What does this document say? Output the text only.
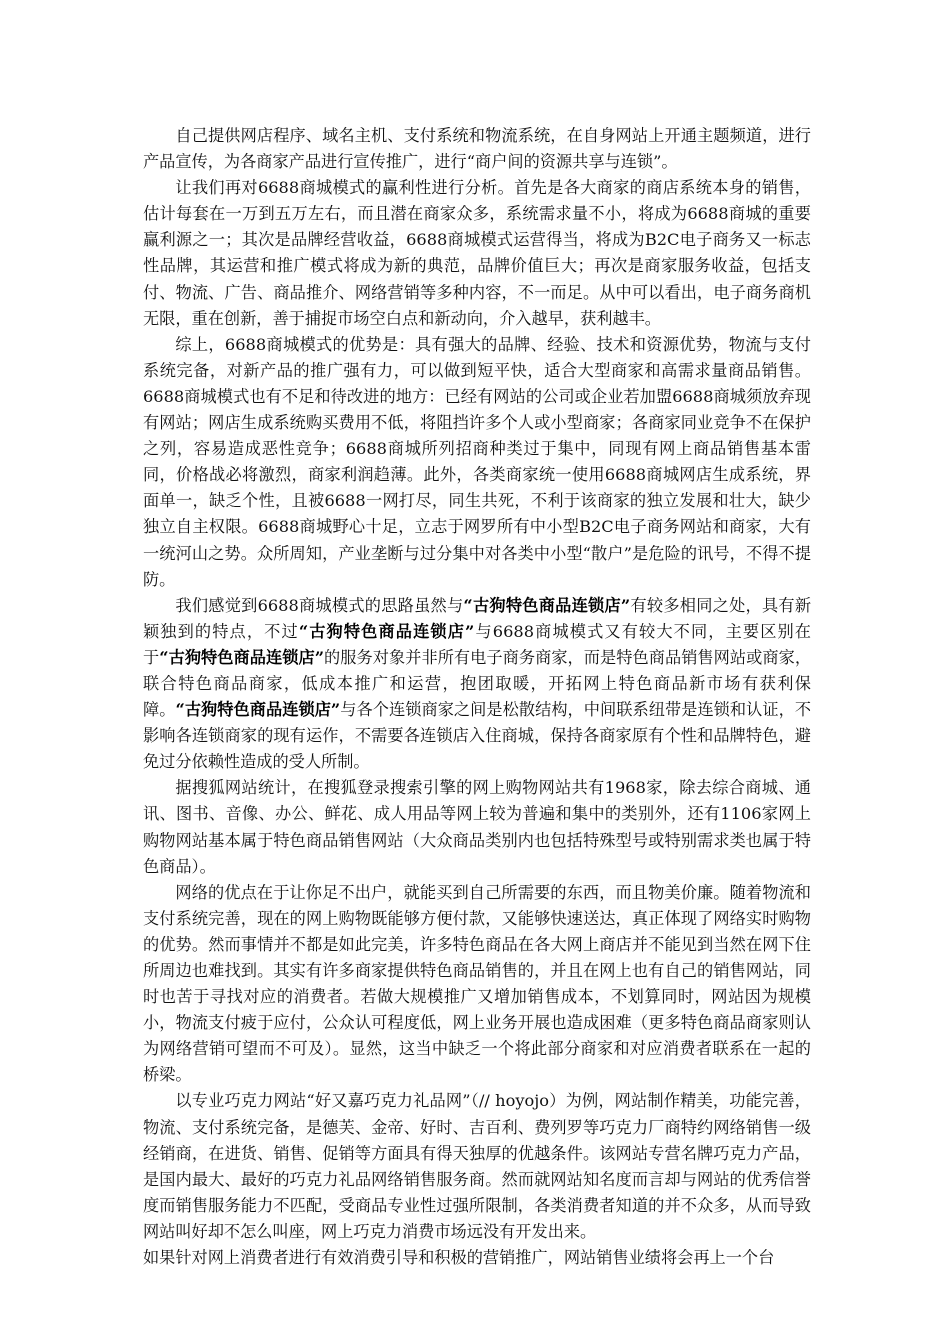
自己提供网店程序、域名主机、支付系统和物流系统，在自身网站上开通主题频道，进行产品宣传，为各商家产品进行宣传推广，进行“商户间的资源共享与连锁”。

让我们再对6688商城模式的赢利性进行分析。首先是各大商家的商店系统本身的销售，估计每套在一万到五万左右，而且潜在商家众多，系统需求量不小，将成为6688商城的重要赢利源之一；其次是品牌经营收益，6688商城模式运营得当，将成为B2C电子商务又一标志性品牌，其运营和推广模式将成为新的典范，品牌价值巨大；再次是商家服务收益，包括支付、物流、广告、商品推介、网络营销等多种内容，不一而足。从中可以看出，电子商务商机无限，重在创新，善于捕捉市场空白点和新动向，介入越早，获利越丰。

综上，6688商城模式的优势是：具有强大的品牌、经验、技术和资源优势，物流与支付系统完备，对新产品的推广强有力，可以做到短平快，适合大型商家和高需求量商品销售。6688商城模式也有不足和待改进的地方：已经有网站的公司或企业若加盟6688商城须放弃现有网站；网店生成系统购买费用不低，将阻挡许多个人或小型商家；各商家同业竞争不在保护之列，容易造成恶性竞争；6688商城所列招商种类过于集中，同现有网上商品销售基本雷同，价格战必将激烈，商家利润趋薄。此外，各类商家统一使用6688商城网店生成系统，界面单一，缺乏个性，且被6688一网打尽，同生共死，不利于该商家的独立发展和壮大，缺少独立自主权限。6688商城野心十足，立志于网罗所有中小型B2C电子商务网站和商家，大有一统河山之势。众所周知，产业垄断与过分集中对各类中小型“散户”是危险的讯号，不得不提防。

我们感觉到6688商城模式的思路虽然与“古狗特色商品连锁店”有较多相同之处，具有新颖独到的特点，不过“古狗特色商品连锁店”与6688商城模式又有较大不同，主要区别在于“古狗特色商品连锁店”的服务对象并非所有电子商务商家，而是特色商品销售网站或商家，联合特色商品商家，低成本推广和运营，抱团取暖，开拓网上特色商品新市场有获利保障。“古狗特色商品连锁店”与各个连锁商家之间是松散结构，中间联系纽带是连锁和认证，不影响各连锁商家的现有运作，不需要各连锁店入住商城，保持各商家原有个性和品牌特色，避免过分依赖性造成的受人所制。

据搜狐网站统计，在搜狐登录搜索引擎的网上购物网站共有1968家，除去综合商城、通讯、图书、音像、办公、鲜花、成人用品等网上较为普遍和集中的类别外，还有1106家网上购物网站基本属于特色商品销售网站（大众商品类别内也包括特殊型号或特别需求类也属于特色商品）。

网络的优点在于让你足不出户，就能买到自己所需要的东西，而且物美价廉。随着物流和支付系统完善，现在的网上购物既能够方便付款，又能够快速送达，真正体现了网络实时购物的优势。然而事情并不都是如此完美，许多特色商品在各大网上商店并不能见到当然在网下住所周边也难找到。其实有许多商家提供特色商品销售的，并且在网上也有自己的销售网站，同时也苦于寻找对应的消费者。若做大规模推广又增加销售成本，不划算同时，网站因为规模小，物流支付疲于应付，公众认可程度低，网上业务开展也造成困难（更多特色商品商家则认为网络营销可望而不可及）。显然，这当中缺乏一个将此部分商家和对应消费者联系在一起的桥梁。

以专业巧克力网站“好又嘉巧克力礼品网”（// hoyojo）为例，网站制作精美，功能完善，物流、支付系统完备，是德芙、金帝、好时、吉百利、费列罗等巧克力厂商特约网络销售一级经销商，在进货、销售、促销等方面具有得天独厚的优越条件。该网站专营名牌巧克力产品，是国内最大、最好的巧克力礼品网络销售服务商。然而就网站知名度而言却与网站的优秀信誉度而销售服务能力不匹配，受商品专业性过强所限制，各类消费者知道的并不众多，从而导致网站叫好却不怎么叫座，网上巧克力消费市场远没有开发出来。

如果针对网上消费者进行有效消费引导和积极的营销推广，网站销售业绩将会再上一个台
